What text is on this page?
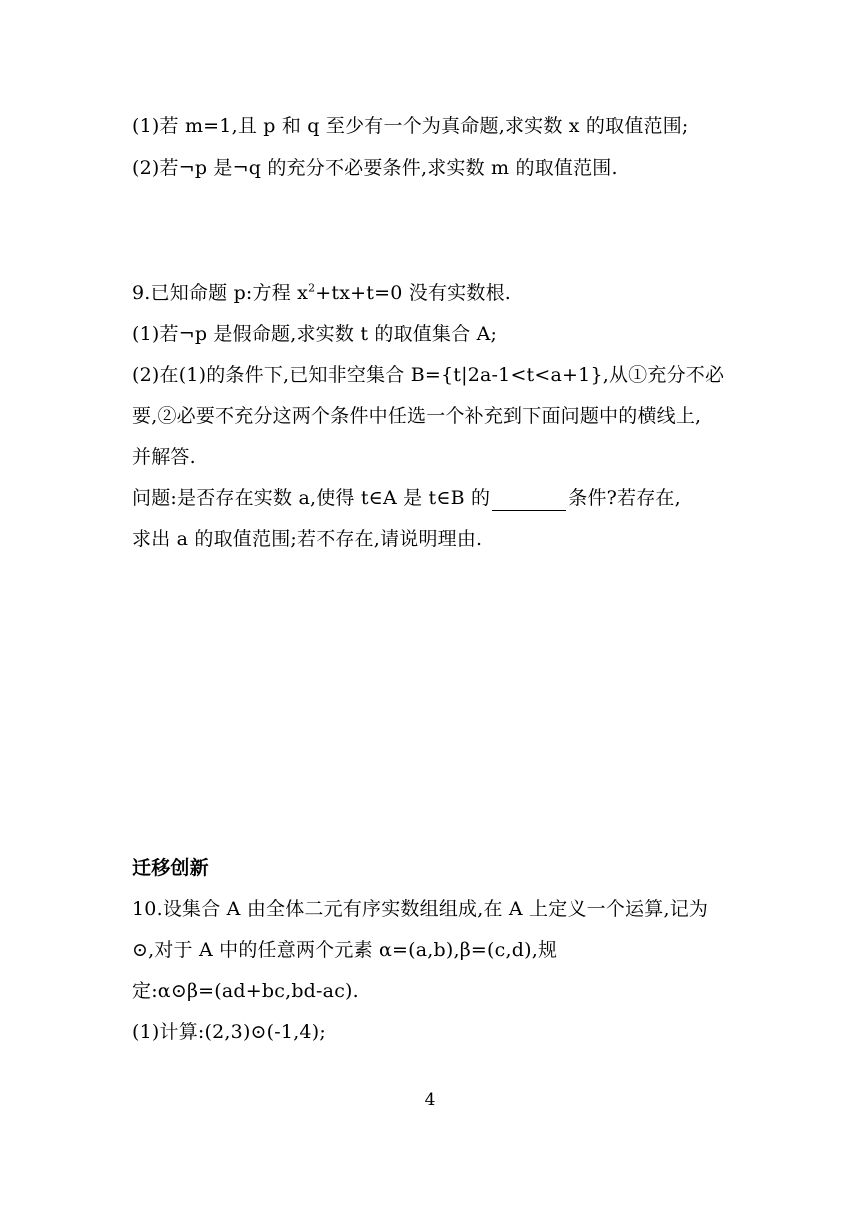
(1)若 m=1,且 p 和 q 至少有一个为真命题,求实数 x 的取值范围;
(2)若¬p 是¬q 的充分不必要条件,求实数 m 的取值范围.
9.已知命题 p:方程 $x^2+tx+t=0$ 没有实数根.
(1)若¬p 是假命题,求实数 t 的取值集合 A;
(2)在(1)的条件下,已知非空集合 B={t|2a-1<t<a+1},从①充分不必
要,②必要不充分这两个条件中任选一个补充到下面问题中的横线上,
并解答.
问题:是否存在实数 a,使得 t∈A 是 t∈B 的	条件?若存在,
求出 a 的取值范围;若不存在,请说明理由.
迁移创新
10.设集合 A 由全体二元有序实数组组成,在 A 上定义一个运算,记为
⊙,对于 A 中的任意两个元素 α=(a,b),β=(c,d),规
定:α⊙β=(ad+bc,bd-ac).
(1)计算:(2,3)⊙(-1,4);
4
